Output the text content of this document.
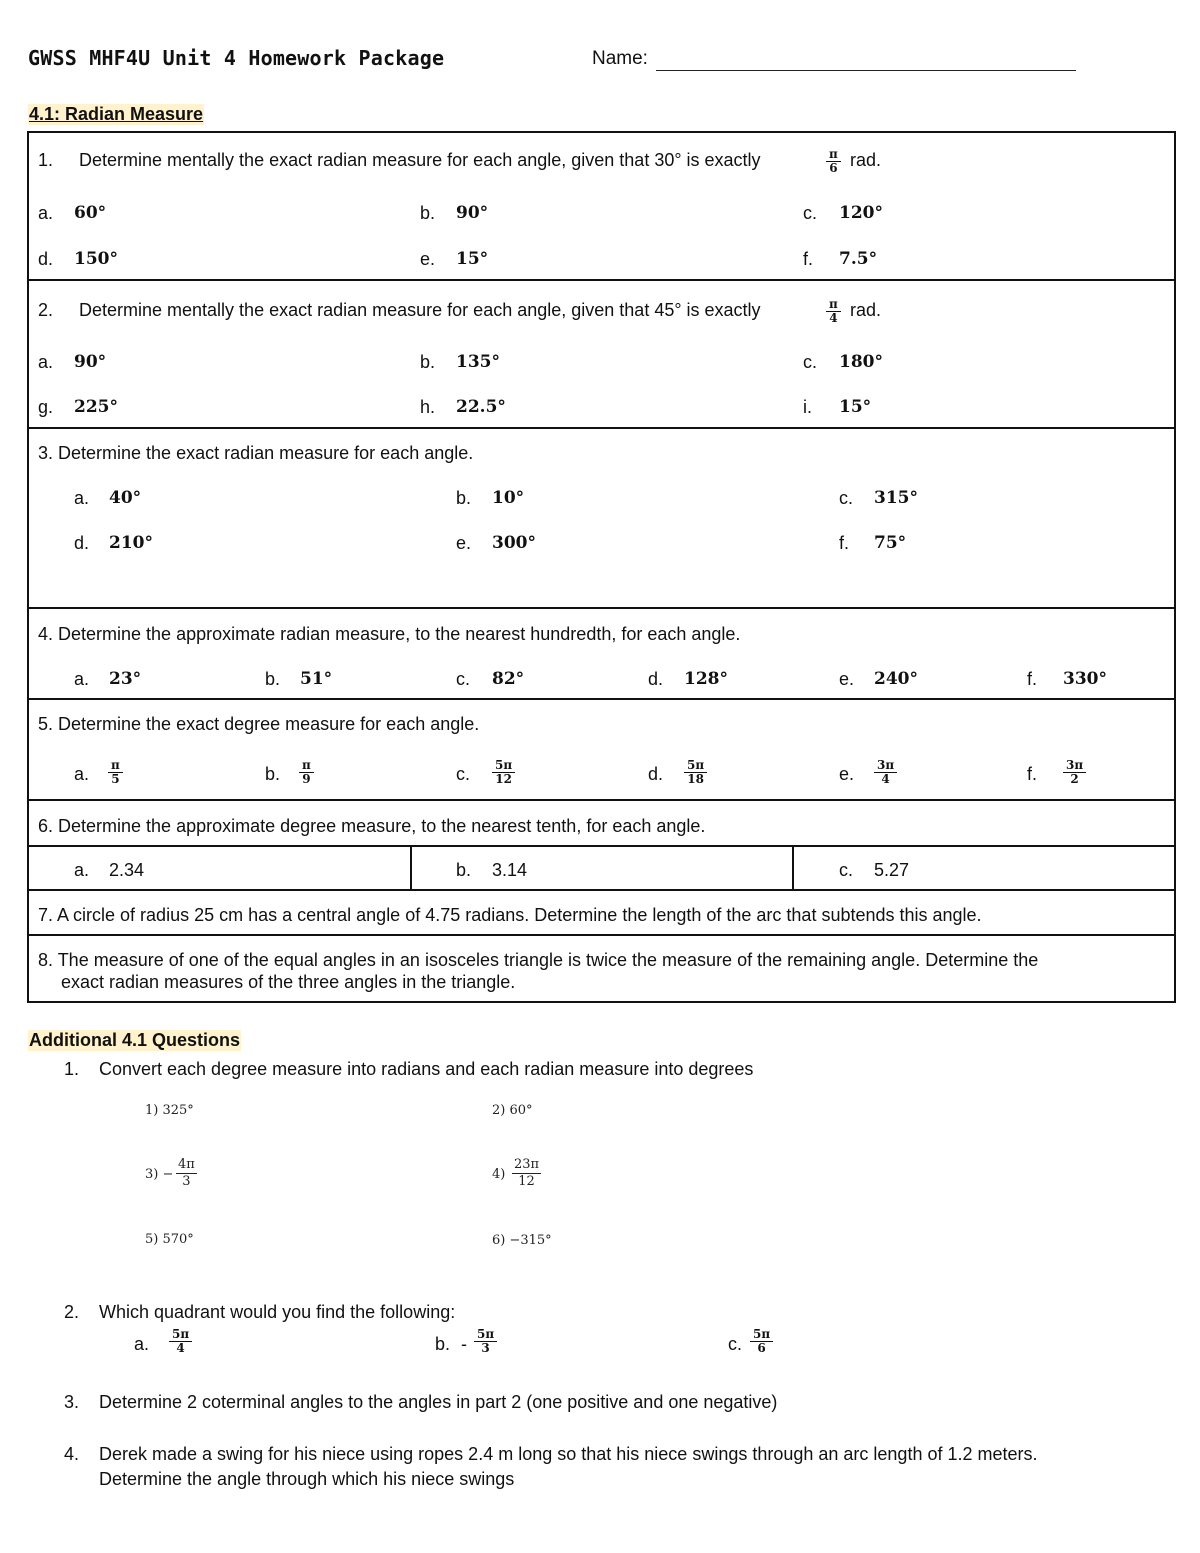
GWSS MHF4U Unit 4 Homework Package	Name:
4.1: Radian Measure
1. Determine mentally the exact radian measure for each angle, given that 30° is exactly	$\frac{\pi}{6}$ rad.
a. 60°	b. 90°	c. 120°
d. 150°	e. 15°	f. 7.5°
2. Determine mentally the exact radian measure for each angle, given that 45° is exactly	$\frac{\pi}{4}$ rad.
a. 90°	b. 135°	c. 180°
g. 225°	h. 22.5°	i. 15°
3. Determine the exact radian measure for each angle.
a. 40°	b. 10°	c. 315°
d. 210°	e. 300°	f. 75°
4. Determine the approximate radian measure, to the nearest hundredth, for each angle.
a. 23°	b. 51°	c. 82°	d. 128°	e. 240°	f. 330°
5. Determine the exact degree measure for each angle.
a. $\frac{\pi}{5}$	b. $\frac{\pi}{9}$	c. $\frac{5\pi}{12}$	d. $\frac{5\pi}{18}$	e. $\frac{3\pi}{4}$	f. $\frac{3\pi}{2}$
6. Determine the approximate degree measure, to the nearest tenth, for each angle.
a. 2.34	b. 3.14	c. 5.27
7. A circle of radius 25 cm has a central angle of 4.75 radians. Determine the length of the arc that subtends this angle.
8. The measure of one of the equal angles in an isosceles triangle is twice the measure of the remaining angle. Determine the
exact radian measures of the three angles in the triangle.
Additional 4.1 Questions
1. Convert each degree measure into radians and each radian measure into degrees
1) 325°	2) 60°
$3) - \frac{4\pi}{3}$	$4) \frac{23\pi}{12}$
5) 570°	6) −315°
2. Which quadrant would you find the following:
a. $\frac{5\pi}{4}$	b. - $\frac{5\pi}{3}$	c. $\frac{5\pi}{6}$
3. Determine 2 coterminal angles to the angles in part 2 (one positive and one negative)
4. Derek made a swing for his niece using ropes 2.4 m long so that his niece swings through an arc length of 1.2 meters.
Determine the angle through which his niece swings
